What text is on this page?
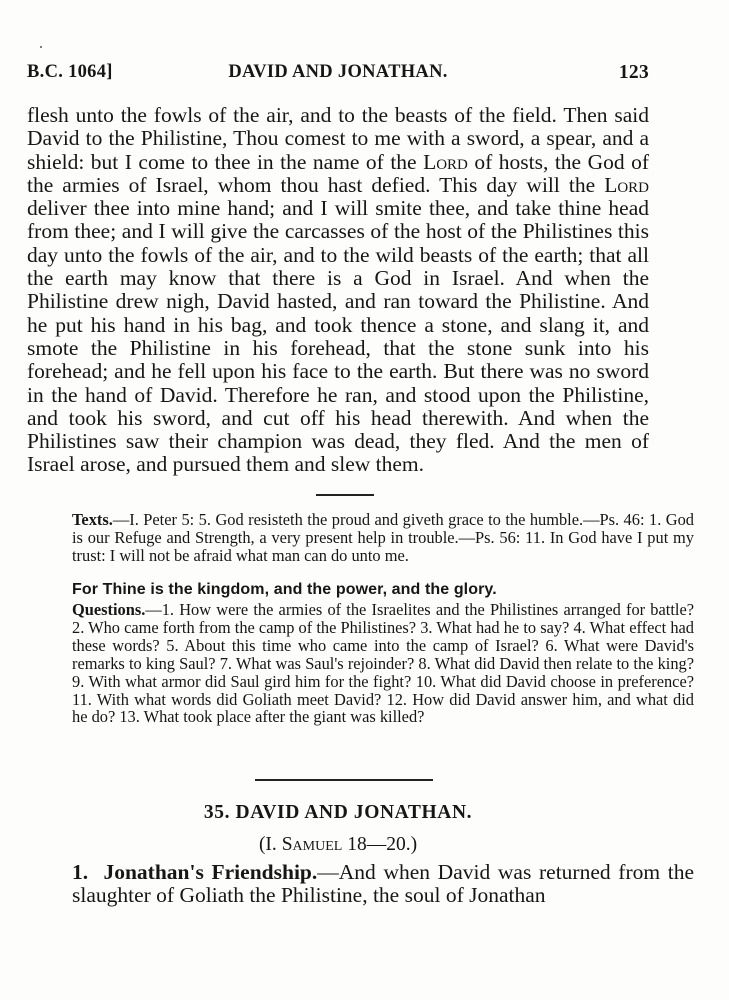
B.C. 1064]	DAVID AND JONATHAN.	123

flesh unto the fowls of the air, and to the beasts of the field. Then said David to the Philistine, Thou comest to me with a sword, a spear, and a shield: but I come to thee in the name of the Lord of hosts, the God of the armies of Israel, whom thou hast defied. This day will the Lord deliver thee into mine hand; and I will smite thee, and take thine head from thee; and I will give the carcasses of the host of the Philistines this day unto the fowls of the air, and to the wild beasts of the earth; that all the earth may know that there is a God in Israel. And when the Philistine drew nigh, David hasted, and ran toward the Philistine. And he put his hand in his bag, and took thence a stone, and slang it, and smote the Philistine in his forehead, that the stone sunk into his forehead; and he fell upon his face to the earth. But there was no sword in the hand of David. Therefore he ran, and stood upon the Philistine, and took his sword, and cut off his head therewith. And when the Philistines saw their champion was dead, they fled. And the men of Israel arose, and pursued them and slew them.

Texts.—I. Peter 5: 5. God resisteth the proud and giveth grace to the humble.—Ps. 46: 1. God is our Refuge and Strength, a very present help in trouble.—Ps. 56: 11. In God have I put my trust: I will not be afraid what man can do unto me.

For Thine is the kingdom, and the power, and the glory.

Questions.—1. How were the armies of the Israelites and the Philistines arranged for battle? 2. Who came forth from the camp of the Philistines? 3. What had he to say? 4. What effect had these words? 5. About this time who came into the camp of Israel? 6. What were David's remarks to king Saul? 7. What was Saul's rejoinder? 8. What did David then relate to the king? 9. With what armor did Saul gird him for the fight? 10. What did David choose in preference? 11. With what words did Goliath meet David? 12. How did David answer him, and what did he do? 13. What took place after the giant was killed?

35. DAVID AND JONATHAN.

(I. Samuel 18—20.)

1. Jonathan's Friendship.—And when David was returned from the slaughter of Goliath the Philistine, the soul of Jonathan
